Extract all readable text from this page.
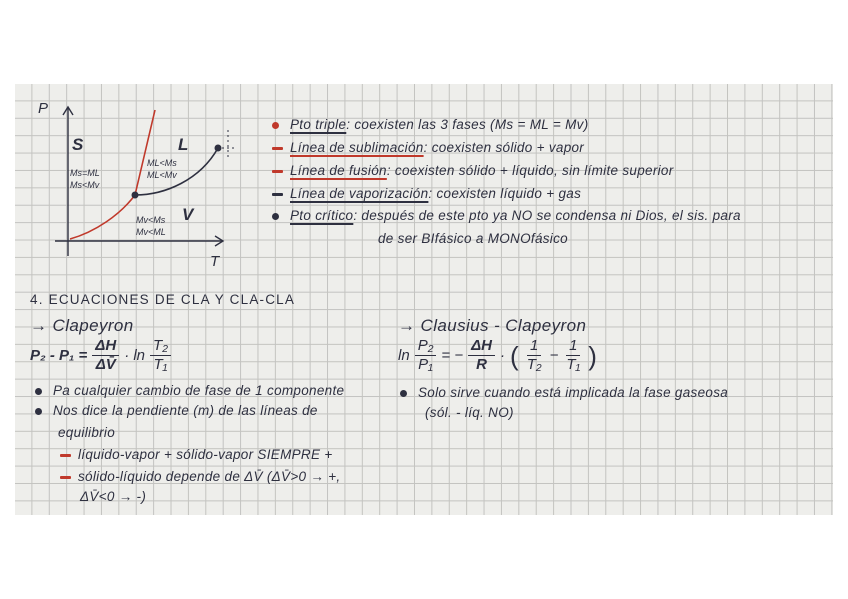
P
T
S	L
V
Ms=ML
Ms<Mv
ML<Ms
ML<Mv
Mv<Ms
Mv<ML
Pto triple: coexisten las 3 fases (Ms = ML = Mv)
Línea de sublimación: coexisten sólido + vapor
Línea de fusión: coexisten sólido + líquido, sin límite superior
Línea de vaporización: coexisten líquido + gas
Pto crítico: después de este pto ya NO se condensa ni Dios, el sis. para
de ser BIfásico a MONOfásico
4. ECUACIONES DE CLA Y CLA-CLA
→ Clapeyron
$P_2 - P_1 = \frac{\Delta H}{\Delta V̄} \cdot \ln \frac{\text{T₂}}{\text{T₁}}$
Pa cualquier cambio de fase de 1 componente
Nos dice la pendiente (m) de las líneas de
equilibrio
líquido-vapor + sólido-vapor SIEMPRE +
sólido-líquido depende de ΔV̄ (ΔV̄>0 → +,
ΔV̄<0 → -)
→ Clausius - Clapeyron
$\ln \frac{\text{P₂}}{\text{P₁}}$ = − $\frac{\Delta H}{R}$ · ( $\frac{1}{\text{T₂}} - \frac{1}{\text{T₁}}$ )
Solo sirve cuando está implicada la fase gaseosa
(sól. - líq. NO)
